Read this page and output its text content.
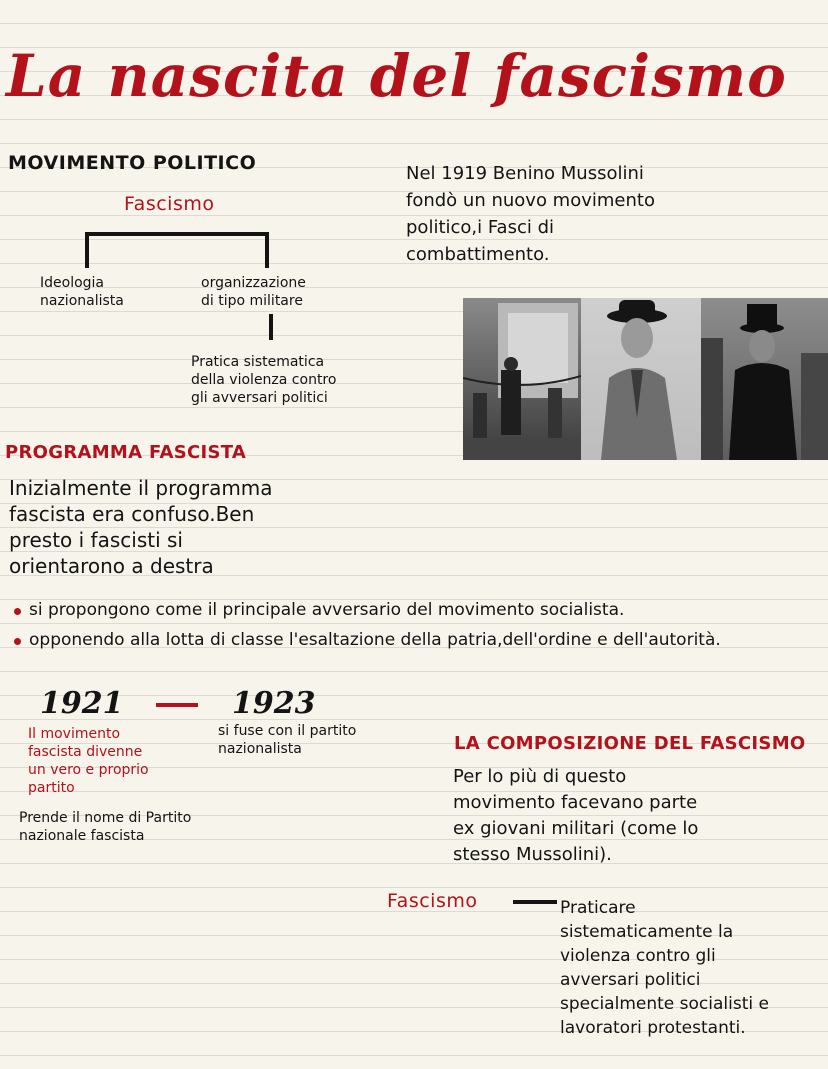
La nascita del fascismo
MOVIMENTO POLITICO
Fascismo
Ideologia
nazionalista
organizzazione
di tipo militare
Pratica sistematica
della violenza contro
gli avversari politici
Nel 1919 Benino Mussolini
fondò un nuovo movimento
politico,i Fasci di
combattimento.
PROGRAMMA FASCISTA
Inizialmente il programma
fascista era confuso.Ben
presto i fascisti si
orientarono a destra
si propongono come il principale avversario del movimento socialista.
opponendo alla lotta di classe l'esaltazione della patria,dell'ordine e dell'autorità.
1921	1923
Il movimento
fascista divenne
un vero e proprio
partito
Prende il nome di Partito
nazionale fascista
si fuse con il partito
nazionalista	LA COMPOSIZIONE DEL FASCISMO
Per lo più di questo
movimento facevano parte
ex giovani militari (come lo
stesso Mussolini).
Fascismo	Praticare
sistematicamente la
violenza contro gli
avversari politici
specialmente socialisti e
lavoratori protestanti.
